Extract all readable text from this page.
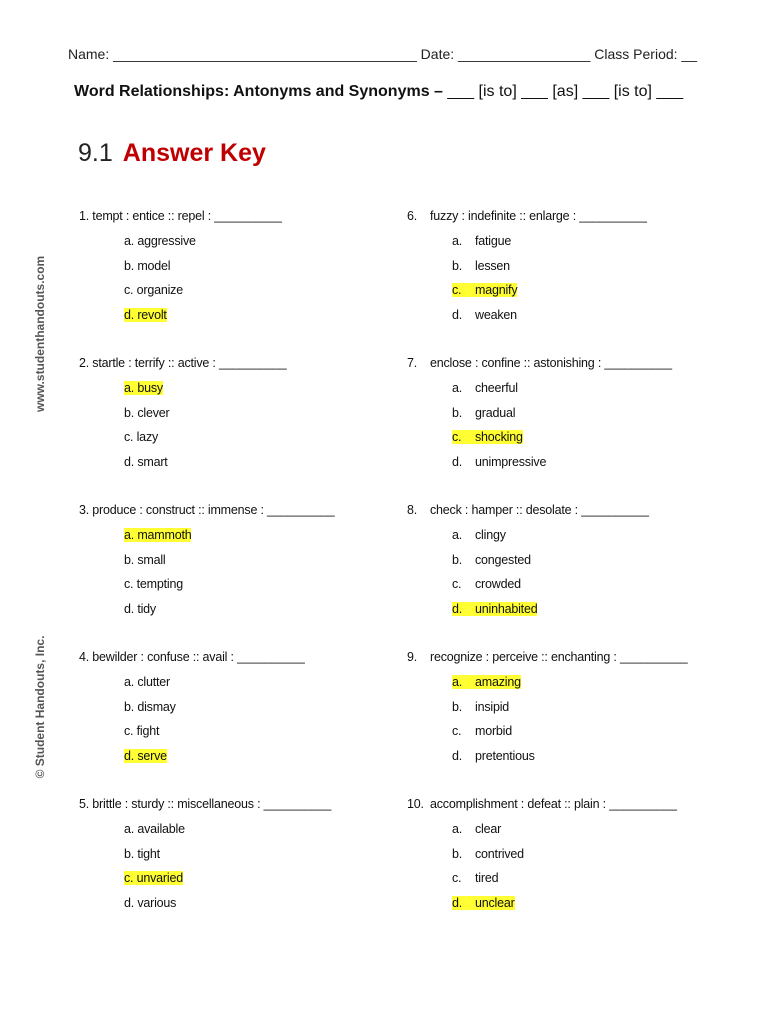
Name: _______________________________________ Date: _________________ Class Period: __
Word Relationships: Antonyms and Synonyms – ___ [is to] ___ [as] ___ [is to] ___
9.1 Answer Key
www.studenthandouts.com
© Student Handouts, Inc.
1. tempt : entice :: repel : __________
a. aggressive
b. model
c. organize
d. revolt
2. startle : terrify :: active : __________
a. busy
b. clever
c. lazy
d. smart
3. produce : construct :: immense : __________
a. mammoth
b. small
c. tempting
d. tidy
4. bewilder : confuse :: avail : __________
a. clutter
b. dismay
c. fight
d. serve
5. brittle : sturdy :: miscellaneous : __________
a. available
b. tight
c. unvaried
d. various
6. fuzzy : indefinite :: enlarge : __________
a. fatigue
b. lessen
c. magnify
d. weaken
7. enclose : confine :: astonishing : __________
a. cheerful
b. gradual
c. shocking
d. unimpressive
8. check : hamper :: desolate : __________
a. clingy
b. congested
c. crowded
d. uninhabited
9. recognize : perceive :: enchanting : __________
a. amazing
b. insipid
c. morbid
d. pretentious
10. accomplishment : defeat :: plain : __________
a. clear
b. contrived
c. tired
d. unclear
